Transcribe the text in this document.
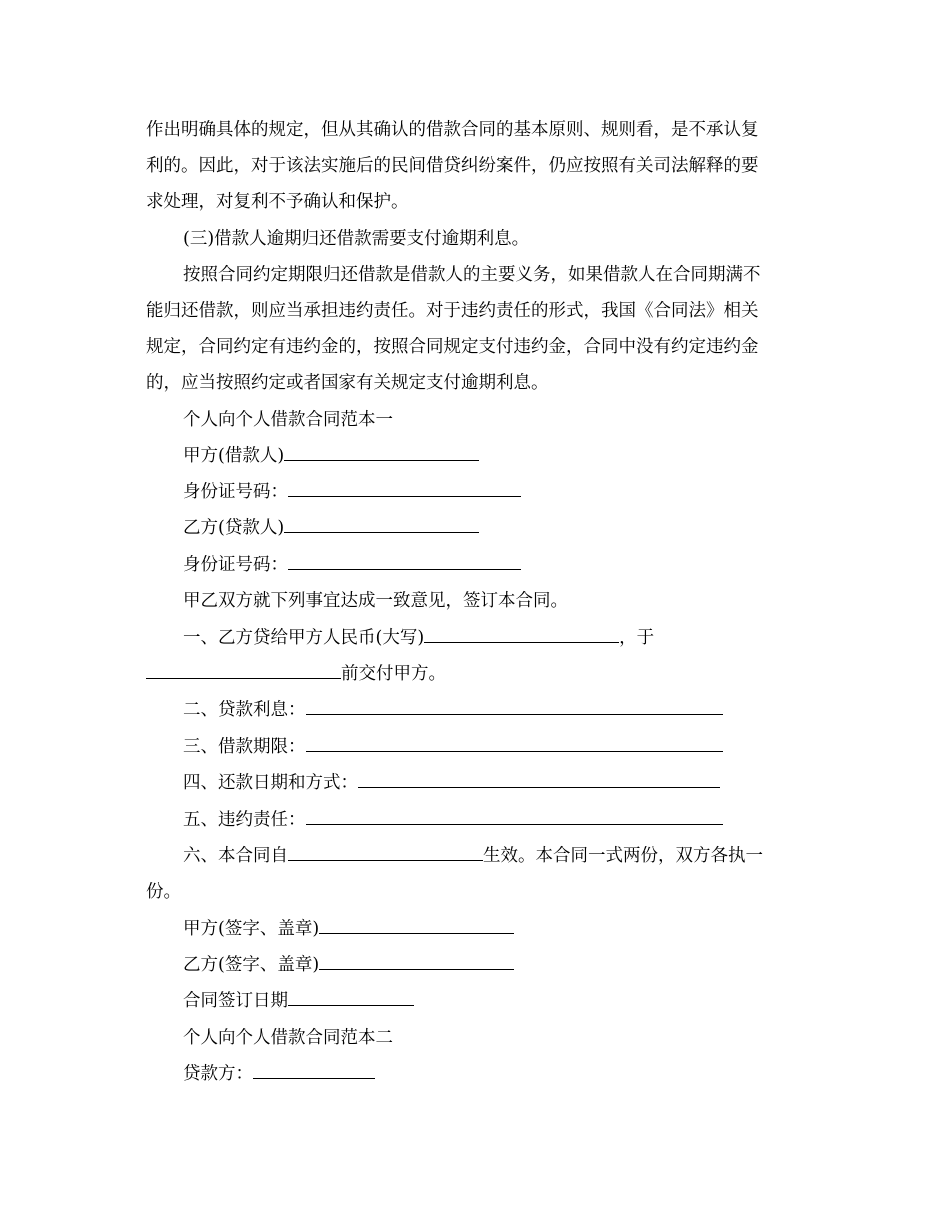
作出明确具体的规定，但从其确认的借款合同的基本原则、规则看，是不承认复
利的。因此，对于该法实施后的民间借贷纠纷案件，仍应按照有关司法解释的要
求处理，对复利不予确认和保护。
(三)借款人逾期归还借款需要支付逾期利息。
按照合同约定期限归还借款是借款人的主要义务，如果借款人在合同期满不
能归还借款，则应当承担违约责任。对于违约责任的形式，我国《合同法》相关
规定，合同约定有违约金的，按照合同规定支付违约金，合同中没有约定违约金
的，应当按照约定或者国家有关规定支付逾期利息。
个人向个人借款合同范本一
甲方(借款人)
身份证号码：
乙方(贷款人)
身份证号码：
甲乙双方就下列事宜达成一致意见，签订本合同。
一、乙方贷给甲方人民币(大写)	，于
前交付甲方。
二、贷款利息：
三、借款期限：
四、还款日期和方式：
五、违约责任：
六、本合同自	生效。本合同一式两份，双方各执一
份。
甲方(签字、盖章)
乙方(签字、盖章)
合同签订日期
个人向个人借款合同范本二
贷款方：
